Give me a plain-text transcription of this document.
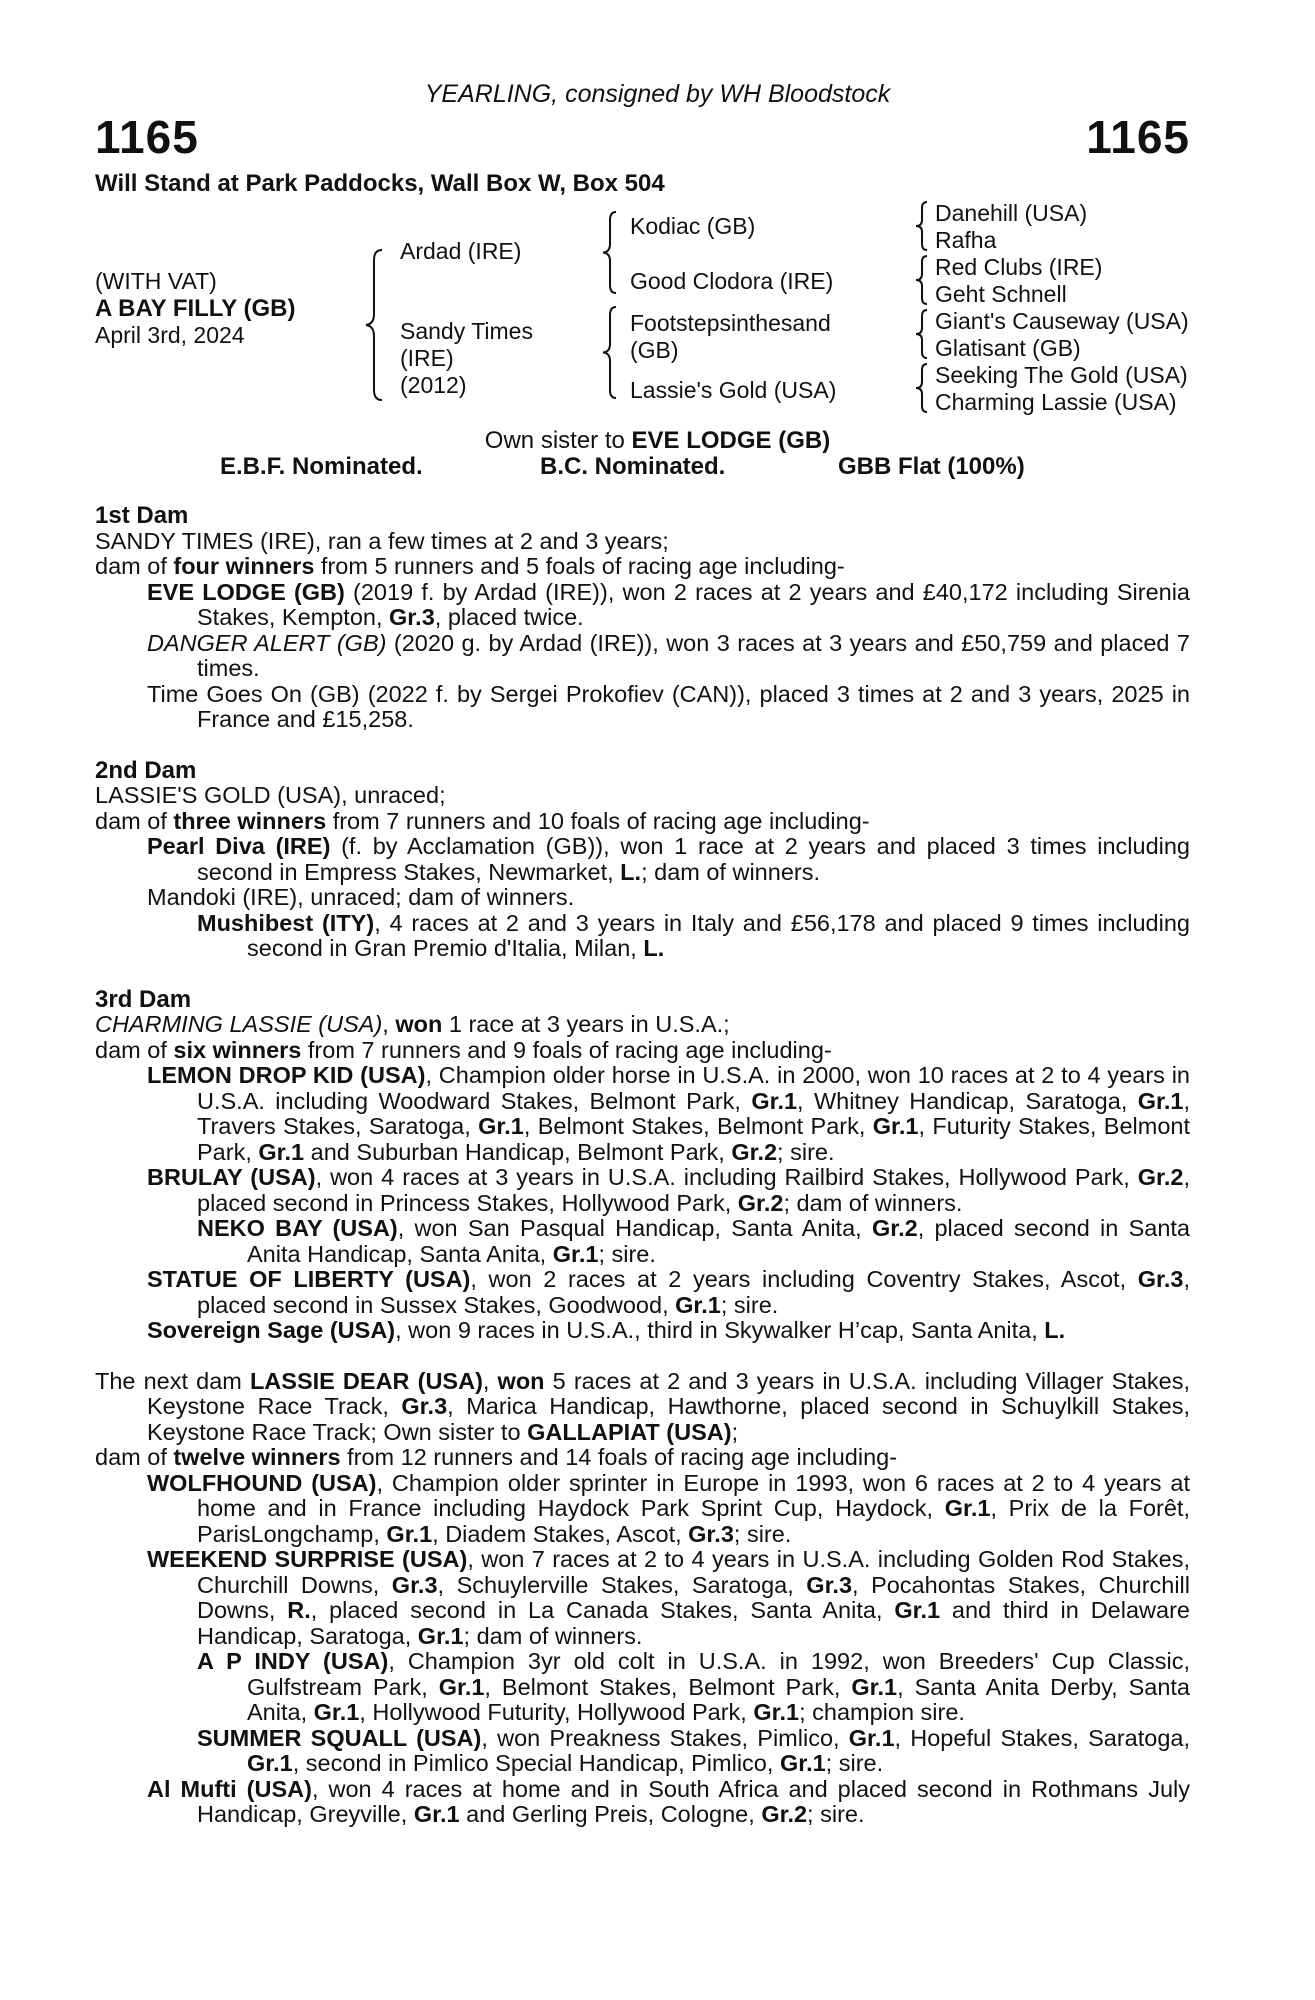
YEARLING, consigned by WH Bloodstock
1165	1165
Will Stand at Park Paddocks, Wall Box W, Box 504
(WITH VAT)
A BAY FILLY (GB)
April 3rd, 2024
Ardad (IRE)
Sandy Times
(IRE)
(2012)
Kodiac (GB)
Good Clodora (IRE)
Footstepsinthesand
(GB)
Lassie's Gold (USA)
Danehill (USA)
Rafha
Red Clubs (IRE)
Geht Schnell
Giant's Causeway (USA)
Glatisant (GB)
Seeking The Gold (USA)
Charming Lassie (USA)
Own sister to EVE LODGE (GB)
E.B.F. Nominated.	B.C. Nominated.	GBB Flat (100%)
1st Dam
SANDY TIMES (IRE), ran a few times at 2 and 3 years;
dam of four winners from 5 runners and 5 foals of racing age including-
EVE LODGE (GB) (2019 f. by Ardad (IRE)), won 2 races at 2 years and £40,172 including Sirenia Stakes, Kempton, Gr.3, placed twice.
DANGER ALERT (GB) (2020 g. by Ardad (IRE)), won 3 races at 3 years and £50,759 and placed 7 times.
Time Goes On (GB) (2022 f. by Sergei Prokofiev (CAN)), placed 3 times at 2 and 3 years, 2025 in France and £15,258.
2nd Dam
LASSIE'S GOLD (USA), unraced;
dam of three winners from 7 runners and 10 foals of racing age including-
Pearl Diva (IRE) (f. by Acclamation (GB)), won 1 race at 2 years and placed 3 times including second in Empress Stakes, Newmarket, L.; dam of winners.
Mandoki (IRE), unraced; dam of winners.
Mushibest (ITY), 4 races at 2 and 3 years in Italy and £56,178 and placed 9 times including second in Gran Premio d'Italia, Milan, L.
3rd Dam
CHARMING LASSIE (USA), won 1 race at 3 years in U.S.A.;
dam of six winners from 7 runners and 9 foals of racing age including-
LEMON DROP KID (USA), Champion older horse in U.S.A. in 2000, won 10 races at 2 to 4 years in U.S.A. including Woodward Stakes, Belmont Park, Gr.1, Whitney Handicap, Saratoga, Gr.1, Travers Stakes, Saratoga, Gr.1, Belmont Stakes, Belmont Park, Gr.1, Futurity Stakes, Belmont Park, Gr.1 and Suburban Handicap, Belmont Park, Gr.2; sire.
BRULAY (USA), won 4 races at 3 years in U.S.A. including Railbird Stakes, Hollywood Park, Gr.2, placed second in Princess Stakes, Hollywood Park, Gr.2; dam of winners.
NEKO BAY (USA), won San Pasqual Handicap, Santa Anita, Gr.2, placed second in Santa Anita Handicap, Santa Anita, Gr.1; sire.
STATUE OF LIBERTY (USA), won 2 races at 2 years including Coventry Stakes, Ascot, Gr.3, placed second in Sussex Stakes, Goodwood, Gr.1; sire.
Sovereign Sage (USA), won 9 races in U.S.A., third in Skywalker H’cap, Santa Anita, L.
The next dam LASSIE DEAR (USA), won 5 races at 2 and 3 years in U.S.A. including Villager Stakes, Keystone Race Track, Gr.3, Marica Handicap, Hawthorne, placed second in Schuylkill Stakes, Keystone Race Track; Own sister to GALLAPIAT (USA);
dam of twelve winners from 12 runners and 14 foals of racing age including-
WOLFHOUND (USA), Champion older sprinter in Europe in 1993, won 6 races at 2 to 4 years at home and in France including Haydock Park Sprint Cup, Haydock, Gr.1, Prix de la Forêt, ParisLongchamp, Gr.1, Diadem Stakes, Ascot, Gr.3; sire.
WEEKEND SURPRISE (USA), won 7 races at 2 to 4 years in U.S.A. including Golden Rod Stakes, Churchill Downs, Gr.3, Schuylerville Stakes, Saratoga, Gr.3, Pocahontas Stakes, Churchill Downs, R., placed second in La Canada Stakes, Santa Anita, Gr.1 and third in Delaware Handicap, Saratoga, Gr.1; dam of winners.
A P INDY (USA), Champion 3yr old colt in U.S.A. in 1992, won Breeders' Cup Classic, Gulfstream Park, Gr.1, Belmont Stakes, Belmont Park, Gr.1, Santa Anita Derby, Santa Anita, Gr.1, Hollywood Futurity, Hollywood Park, Gr.1; champion sire.
SUMMER SQUALL (USA), won Preakness Stakes, Pimlico, Gr.1, Hopeful Stakes, Saratoga, Gr.1, second in Pimlico Special Handicap, Pimlico, Gr.1; sire.
Al Mufti (USA), won 4 races at home and in South Africa and placed second in Rothmans July Handicap, Greyville, Gr.1 and Gerling Preis, Cologne, Gr.2; sire.
